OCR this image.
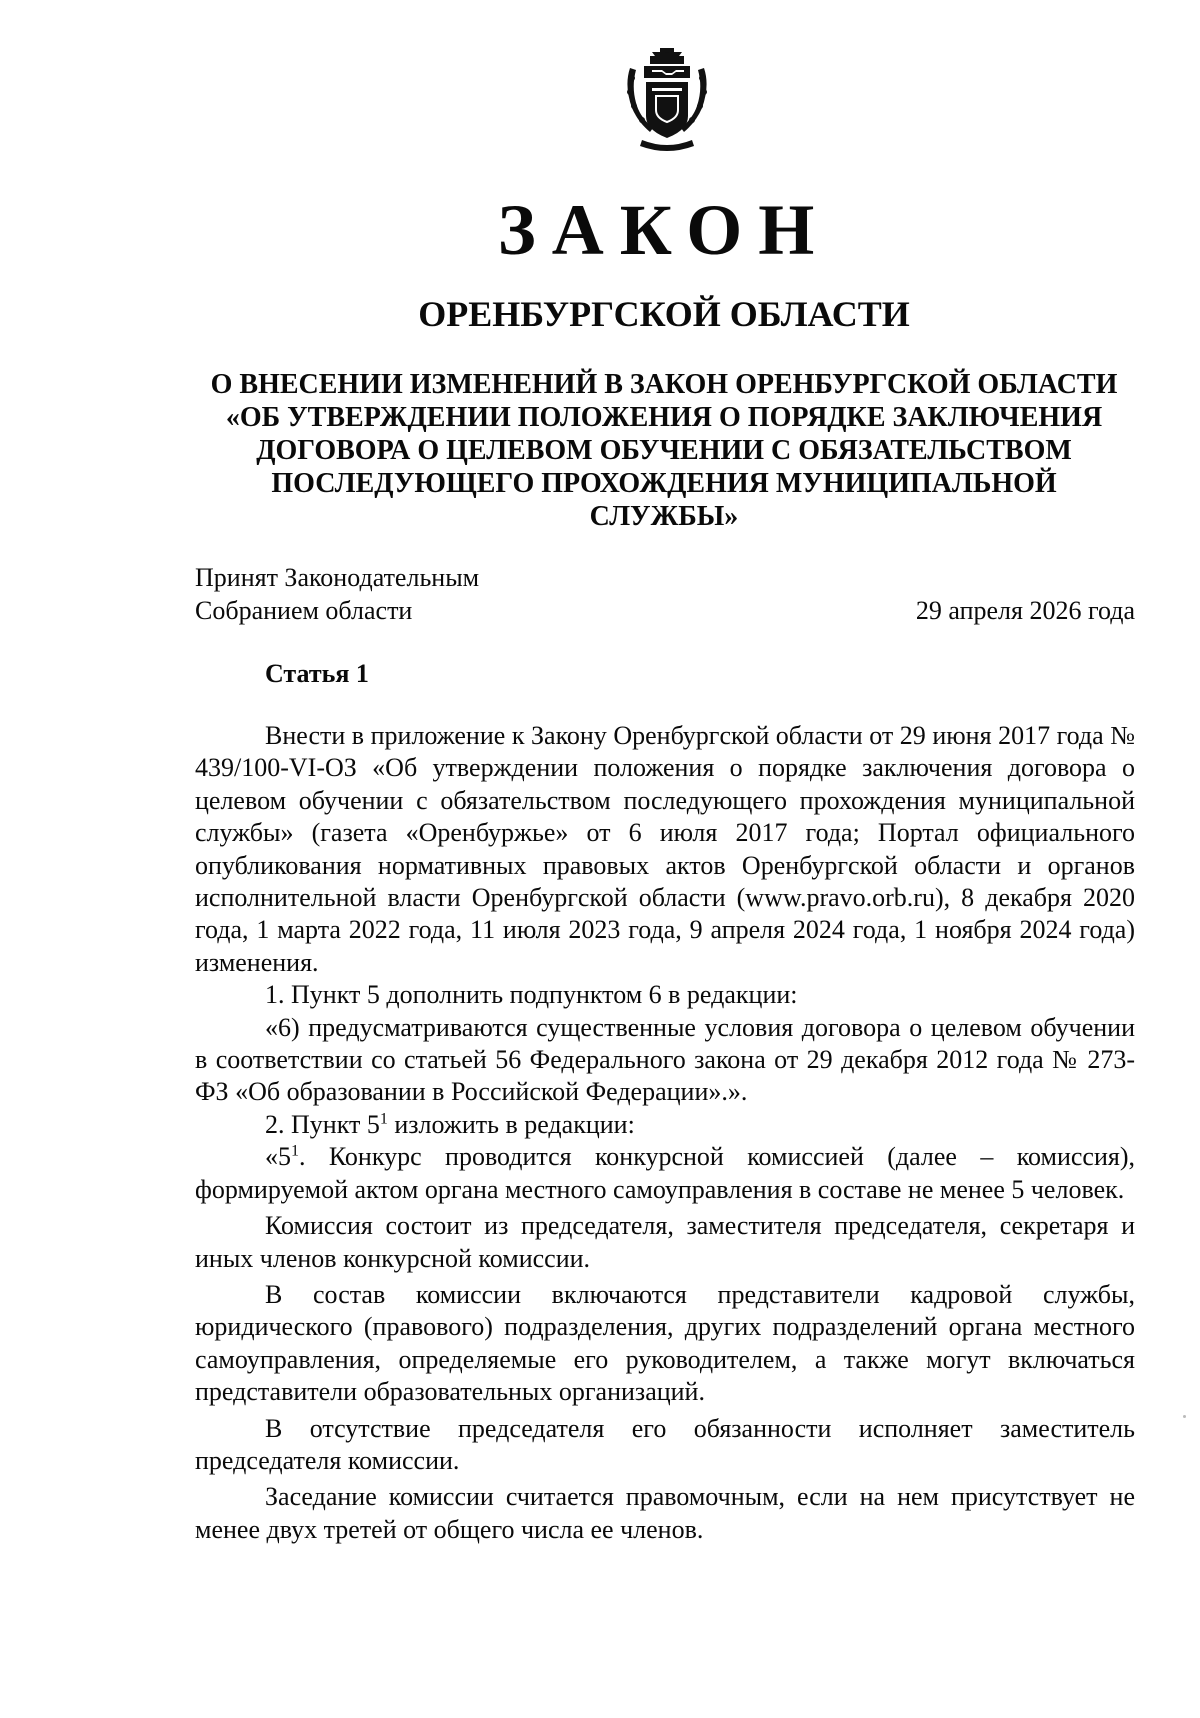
ЗАКОН
ОРЕНБУРГСКОЙ ОБЛАСТИ
О ВНЕСЕНИИ ИЗМЕНЕНИЙ В ЗАКОН ОРЕНБУРГСКОЙ ОБЛАСТИ
«ОБ УТВЕРЖДЕНИИ ПОЛОЖЕНИЯ О ПОРЯДКЕ ЗАКЛЮЧЕНИЯ
ДОГОВОРА О ЦЕЛЕВОМ ОБУЧЕНИИ С ОБЯЗАТЕЛЬСТВОМ
ПОСЛЕДУЮЩЕГО ПРОХОЖДЕНИЯ МУНИЦИПАЛЬНОЙ
СЛУЖБЫ»
Принят Законодательным
Собранием области	29 апреля 2026 года
Статья 1

Внести в приложение к Закону Оренбургской области от 29 июня 2017 года № 439/100-VI-ОЗ «Об утверждении положения о порядке заключения договора о целевом обучении с обязательством последующего прохождения муниципальной службы» (газета «Оренбуржье» от 6 июля 2017 года; Портал официального опубликования нормативных правовых актов Оренбургской области и органов исполнительной власти Оренбургской области (www.pravo.orb.ru), 8 декабря 2020 года, 1 марта 2022 года, 11 июля 2023 года, 9 апреля 2024 года, 1 ноября 2024 года) изменения.

1. Пункт 5 дополнить подпунктом 6 в редакции:

«6) предусматриваются существенные условия договора о целевом обучении в соответствии со статьей 56 Федерального закона от 29 декабря 2012 года № 273-ФЗ «Об образовании в Российской Федерации».».

2. Пункт $5^1$ изложить в редакции:

«$5^1$. Конкурс проводится конкурсной комиссией (далее – комиссия), формируемой актом органа местного самоуправления в составе не менее 5 человек.

Комиссия состоит из председателя, заместителя председателя, секретаря и иных членов конкурсной комиссии.

В состав комиссии включаются представители кадровой службы, юридического (правового) подразделения, других подразделений органа местного самоуправления, определяемые его руководителем, а также могут включаться представители образовательных организаций.

В отсутствие председателя его обязанности исполняет заместитель председателя комиссии.

Заседание комиссии считается правомочным, если на нем присутствует не менее двух третей от общего числа ее членов.
